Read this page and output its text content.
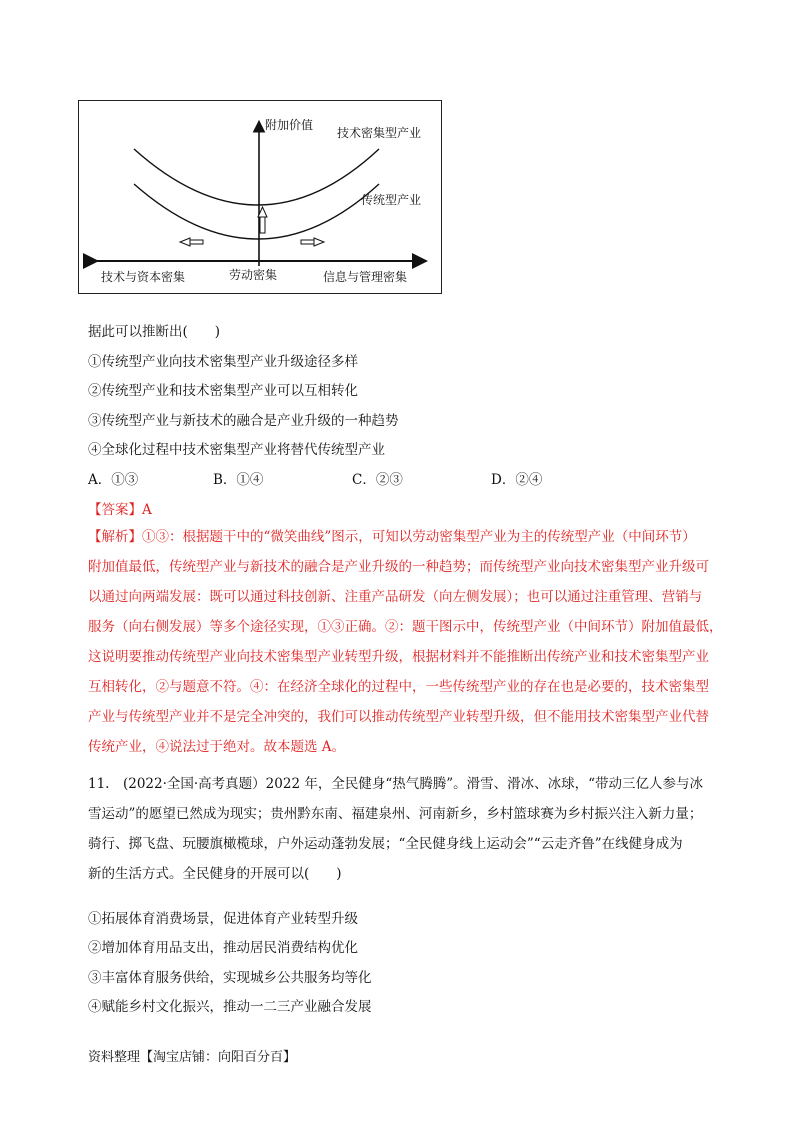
附加价值
技术密集型产业
传统型产业
技术与资本密集	劳动密集	信息与管理密集
据此可以推断出(　　)
①传统型产业向技术密集型产业升级途径多样
②传统型产业和技术密集型产业可以互相转化
③传统型产业与新技术的融合是产业升级的一种趋势
④全球化过程中技术密集型产业将替代传统型产业
A．①③	B．①④	C．②③	D．②④
【答案】A
【解析】①③：根据题干中的“微笑曲线”图示，可知以劳动密集型产业为主的传统型产业（中间环节）
附加值最低，传统型产业与新技术的融合是产业升级的一种趋势；而传统型产业向技术密集型产业升级可
以通过向两端发展：既可以通过科技创新、注重产品研发（向左侧发展）；也可以通过注重管理、营销与
服务（向右侧发展）等多个途径实现，①③正确。②：题干图示中，传统型产业（中间环节）附加值最低，
这说明要推动传统型产业向技术密集型产业转型升级，根据材料并不能推断出传统产业和技术密集型产业
互相转化，②与题意不符。④：在经济全球化的过程中，一些传统型产业的存在也是必要的，技术密集型
产业与传统型产业并不是完全冲突的，我们可以推动传统型产业转型升级，但不能用技术密集型产业代替
传统产业，④说法过于绝对。故本题选 A。
11.　(2022·全国·高考真题）2022 年，全民健身“热气腾腾”。滑雪、滑冰、冰球，“带动三亿人参与冰
雪运动”的愿望已然成为现实；贵州黔东南、福建泉州、河南新乡，乡村篮球赛为乡村振兴注入新力量；
骑行、掷飞盘、玩腰旗橄榄球，户外运动蓬勃发展；“全民健身线上运动会”“云走齐鲁”在线健身成为
新的生活方式。全民健身的开展可以(　　)
①拓展体育消费场景，促进体育产业转型升级
②增加体育用品支出，推动居民消费结构优化
③丰富体育服务供给，实现城乡公共服务均等化
④赋能乡村文化振兴，推动一二三产业融合发展
资料整理【淘宝店铺：向阳百分百】
